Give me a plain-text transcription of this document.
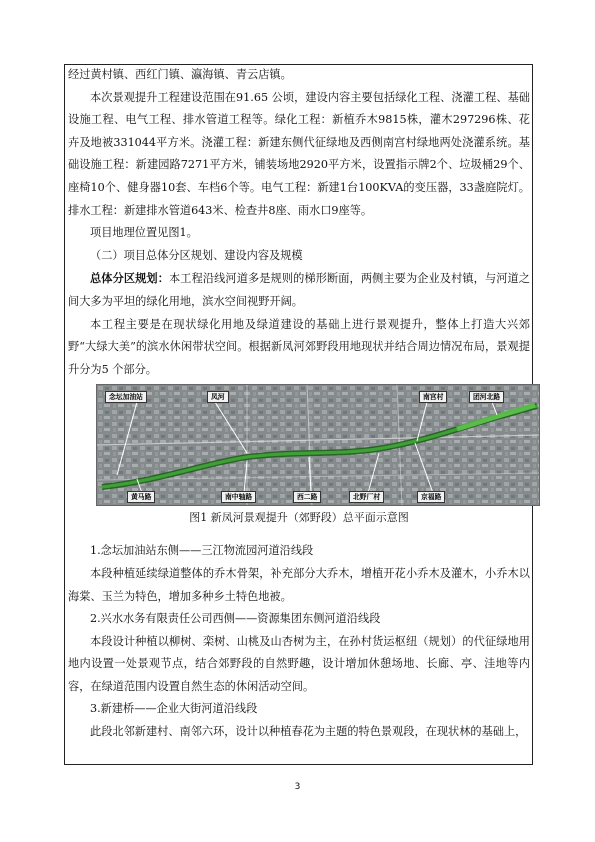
经过黄村镇、西红门镇、瀛海镇、青云店镇。

本次景观提升工程建设范围在91.65 公顷，建设内容主要包括绿化工程、浇灌工程、基础设施工程、电气工程、排水管道工程等。绿化工程：新植乔木9815株，灌木297296株、花卉及地被331044平方米。浇灌工程：新建东侧代征绿地及西侧南宫村绿地两处浇灌系统。基础设施工程：新建园路7271平方米，铺装场地2920平方米，设置指示牌2个、垃圾桶29个、座椅10个、健身器10套、车档6个等。电气工程：新建1台100KVA的变压器，33盏庭院灯。排水工程：新建排水管道643米、检查井8座、雨水口9座等。

项目地理位置见图1。

（二）项目总体分区规划、建设内容及规模

总体分区规划：本工程沿线河道多是规则的梯形断面，两侧主要为企业及村镇，与河道之间大多为平坦的绿化用地，滨水空间视野开阔。

本工程主要是在现状绿化用地及绿道建设的基础上进行景观提升，整体上打造大兴郊野“大绿大美”的滨水休闲带状空间。根据新凤河郊野段用地现状并结合周边情况布局，景观提升分为5 个部分。

念坛加油站	凤河	南宫村	团河北路
黄马路	南中轴路	西二路	北野厂村	京福路

图1 新凤河景观提升（郊野段）总平面示意图

1.念坛加油站东侧——三江物流园河道沿线段

本段种植延续绿道整体的乔木骨架，补充部分大乔木，增植开花小乔木及灌木，小乔木以海棠、玉兰为特色，增加多种乡土特色地被。

2.兴水水务有限责任公司西侧——资源集团东侧河道沿线段

本段设计种植以柳树、栾树、山桃及山杏树为主，在孙村货运枢纽（规划）的代征绿地用地内设置一处景观节点，结合郊野段的自然野趣，设计增加休憩场地、长廊、亭、洼地等内容，在绿道范围内设置自然生态的休闲活动空间。

3.新建桥——企业大街河道沿线段

此段北邻新建村、南邻六环，设计以种植春花为主题的特色景观段，在现状林的基础上，

3
